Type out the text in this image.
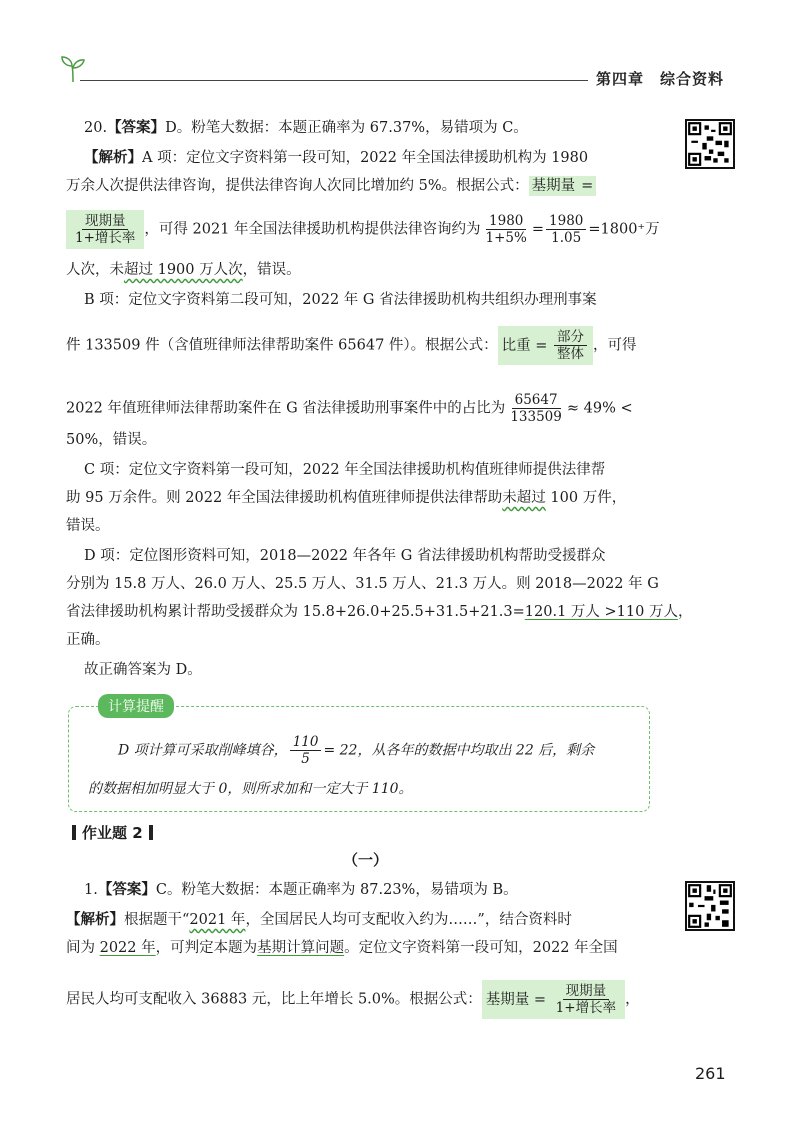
第四章 综合资料
20.【答案】D。粉笔大数据：本题正确率为 67.37%，易错项为 C。
【解析】A 项：定位文字资料第一段可知，2022 年全国法律援助机构为 1980
万余人次提供法律咨询，提供法律咨询人次同比增加约 5%。根据公式： 基期量 =
$\frac{\text{现期量}}{\text{1+增长率}}$ ，可得 2021 年全国法律援助机构提供法律咨询约为 $\frac{1980}{1+5\%} = \frac{1980}{1.05} =1800^+$万
人次，未超过 1900 万人次，错误。
B 项：定位文字资料第二段可知，2022 年 G 省法律援助机构共组织办理刑事案
件 133509 件（含值班律师法律帮助案件 65647 件）。根据公式： 比重 = $\frac{\text{部分}}{\text{整体}}$ ，可得
2022 年值班律师法律帮助案件在 G 省法律援助刑事案件中的占比为 $\frac{65647}{133509} \approx 49\%$ <
50%，错误。
C 项：定位文字资料第一段可知，2022 年全国法律援助机构值班律师提供法律帮
助 95 万余件。则 2022 年全国法律援助机构值班律师提供法律帮助未超过 100 万件，
错误。
D 项：定位图形资料可知，2018—2022 年各年 G 省法律援助机构帮助受援群众
分别为 15.8 万人、26.0 万人、25.5 万人、31.5 万人、21.3 万人。则 2018—2022 年 G
省法律援助机构累计帮助受援群众为 15.8+26.0+25.5+31.5+21.3=120.1 万人 >110 万人，
正确。
故正确答案为 D。
计算提醒
D 项计算可采取削峰填谷， $\frac{110}{5} = 22$，从各年的数据中均取出 22 后，剩余
的数据相加明显大于 0，则所求加和一定大于 110。
作业题 2
（一）
1.【答案】C。粉笔大数据：本题正确率为 87.23%，易错项为 B。
【解析】根据题干“2021 年，全国居民人均可支配收入约为……”，结合资料时
间为 2022 年，可判定本题为基期计算问题。定位文字资料第一段可知，2022 年全国
居民人均可支配收入 36883 元，比上年增长 5.0%。根据公式： 基期量 = $\frac{\text{现期量}}{\text{1+增长率}}$ ，
261
